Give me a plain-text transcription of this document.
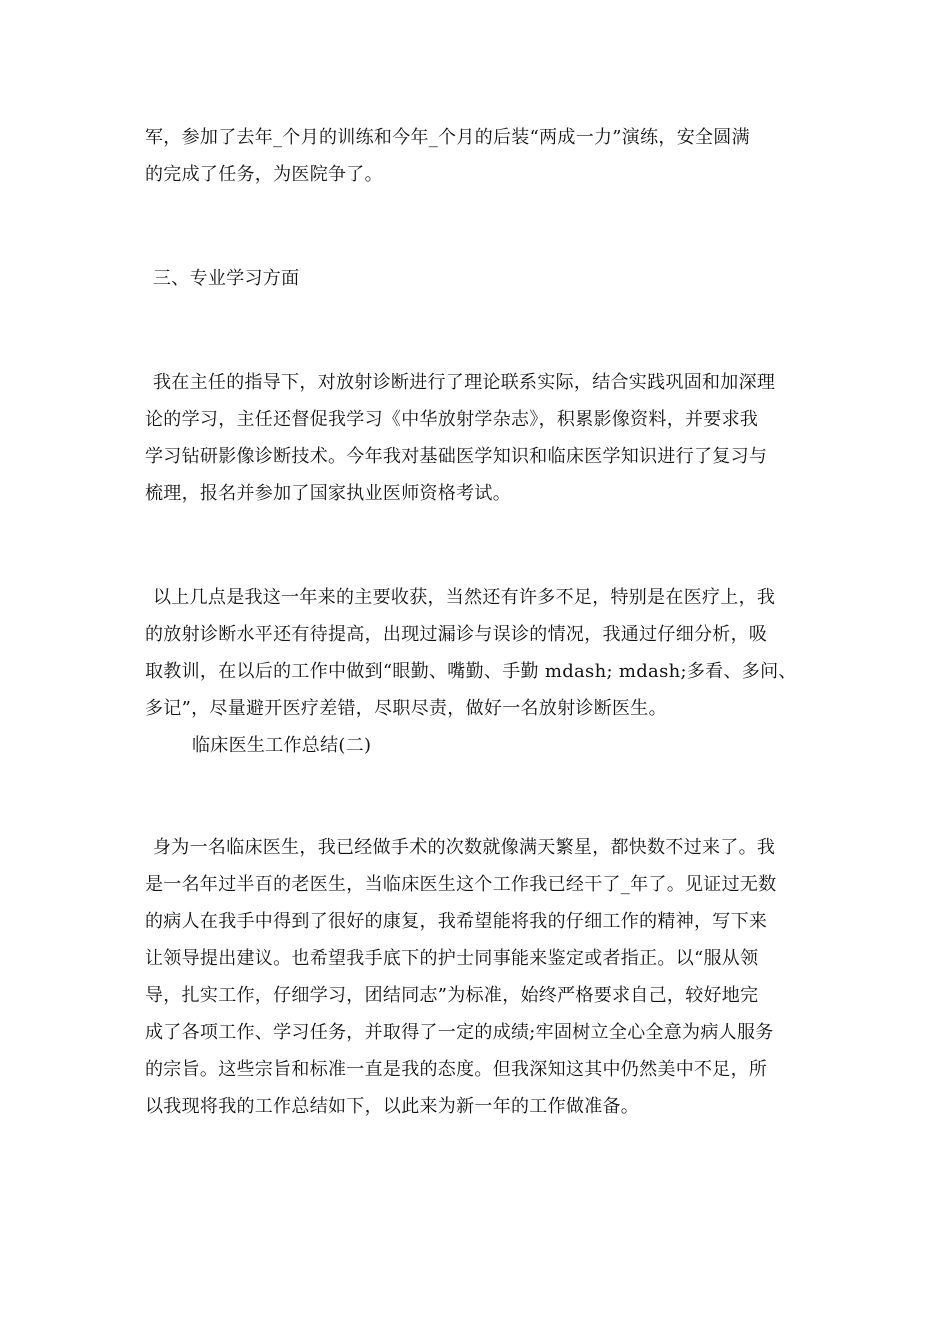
军，参加了去年_个月的训练和今年_个月的后装“两成一力”演练，安全圆满
的完成了任务，为医院争了。
三、专业学习方面
我在主任的指导下，对放射诊断进行了理论联系实际，结合实践巩固和加深理
论的学习，主任还督促我学习《中华放射学杂志》，积累影像资料，并要求我
学习钻研影像诊断技术。今年我对基础医学知识和临床医学知识进行了复习与
梳理，报名并参加了国家执业医师资格考试。
以上几点是我这一年来的主要收获，当然还有许多不足，特别是在医疗上，我
的放射诊断水平还有待提高，出现过漏诊与误诊的情况，我通过仔细分析，吸
取教训，在以后的工作中做到“眼勤、嘴勤、手勤 mdash; mdash;多看、多问、
多记”，尽量避开医疗差错，尽职尽责，做好一名放射诊断医生。
临床医生工作总结(二)
身为一名临床医生，我已经做手术的次数就像满天繁星，都快数不过来了。我
是一名年过半百的老医生，当临床医生这个工作我已经干了_年了。见证过无数
的病人在我手中得到了很好的康复，我希望能将我的仔细工作的精神，写下来
让领导提出建议。也希望我手底下的护士同事能来鉴定或者指正。以“服从领
导，扎实工作，仔细学习，团结同志”为标准，始终严格要求自己，较好地完
成了各项工作、学习任务，并取得了一定的成绩;牢固树立全心全意为病人服务
的宗旨。这些宗旨和标准一直是我的态度。但我深知这其中仍然美中不足，所
以我现将我的工作总结如下，以此来为新一年的工作做准备。
